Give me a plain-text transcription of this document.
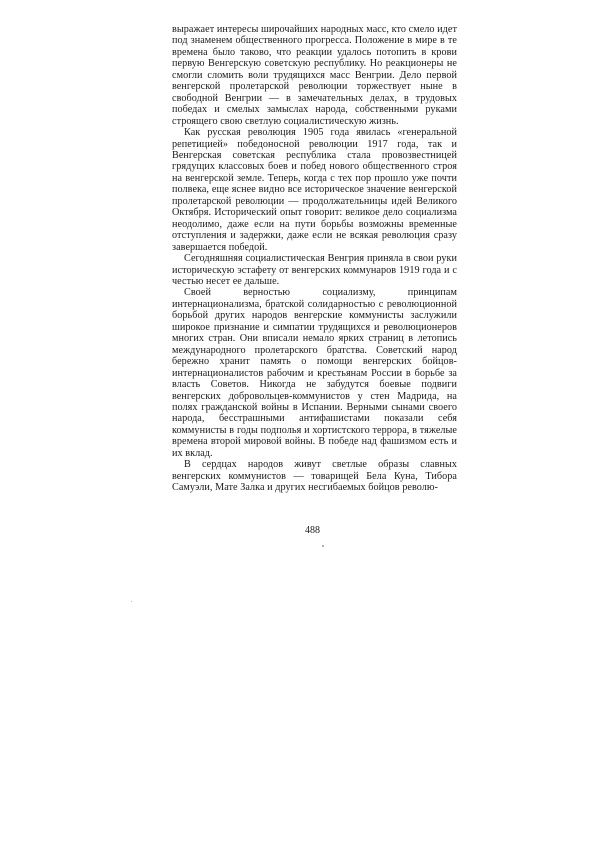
выражает интересы широчайших народных масс, кто смело идет под знаменем общественного прогресса. Положение в мире в те времена было таково, что реакции удалось потопить в крови первую Венгерскую советскую республику. Но реакционеры не смогли сломить воли трудящихся масс Венгрии. Дело первой венгерской пролетарской революции торжествует ныне в свободной Венгрии — в замечательных делах, в трудовых победах и смелых замыслах народа, собственными руками строящего свою светлую социалистическую жизнь.

Как русская революция 1905 года явилась «генеральной репетицией» победоносной революции 1917 года, так и Венгерская советская республика стала провозвестницей грядущих классовых боев и побед нового общественного строя на венгерской земле. Теперь, когда с тех пор прошло уже почти полвека, еще яснее видно все историческое значение венгерской пролетарской революции — продолжательницы идей Великого Октября. Исторический опыт говорит: великое дело социализма неодолимо, даже если на пути борьбы возможны временные отступления и задержки, даже если не всякая революция сразу завершается победой.

Сегодняшняя социалистическая Венгрия приняла в свои руки историческую эстафету от венгерских коммунаров 1919 года и с честью несет ее дальше.

Своей верностью социализму, принципам интернационализма, братской солидарностью с революционной борьбой других народов венгерские коммунисты заслужили широкое признание и симпатии трудящихся и революционеров многих стран. Они вписали немало ярких страниц в летопись международного пролетарского братства. Советский народ бережно хранит память о помощи венгерских бойцов-интернационалистов рабочим и крестьянам России в борьбе за власть Советов. Никогда не забудутся боевые подвиги венгерских добровольцев-коммунистов у стен Мадрида, на полях гражданской войны в Испании. Верными сынами своего народа, бесстрашными антифашистами показали себя коммунисты в годы подполья и хортистского террора, в тяжелые времена второй мировой войны. В победе над фашизмом есть и их вклад.

В сердцах народов живут светлые образы славных венгерских коммунистов — товарищей Бела Куна, Тибора Самуэли, Мате Залка и других несгибаемых бойцов револю-

488
